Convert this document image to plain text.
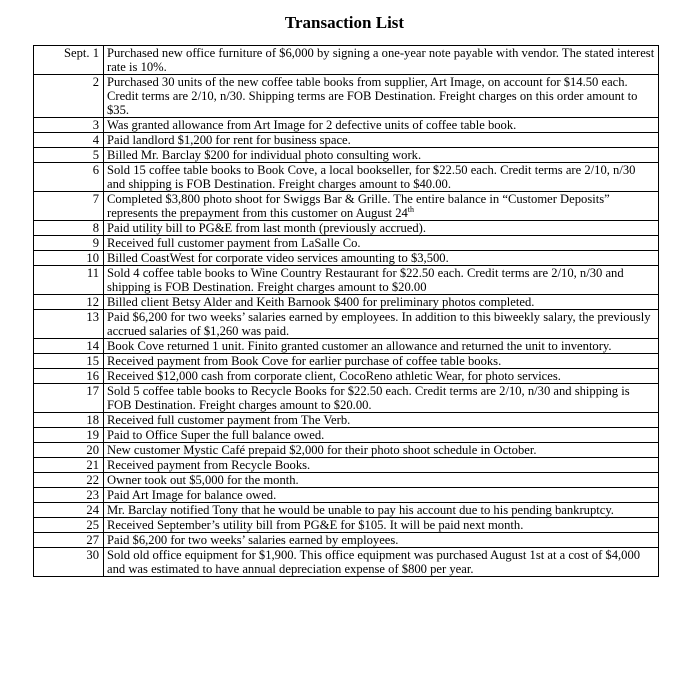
Transaction List
Sept. 1	Purchased new office furniture of $6,000 by signing a one-year note payable with vendor. The stated interest rate is 10%.
2	Purchased 30 units of the new coffee table books from supplier, Art Image, on account for $14.50 each. Credit terms are 2/10, n/30. Shipping terms are FOB Destination. Freight charges on this order amount to $35.
3	Was granted allowance from Art Image for 2 defective units of coffee table book.
4	Paid landlord $1,200 for rent for business space.
5	Billed Mr. Barclay $200 for individual photo consulting work.
6	Sold 15 coffee table books to Book Cove, a local bookseller, for $22.50 each. Credit terms are 2/10, n/30 and shipping is FOB Destination. Freight charges amount to $40.00.
7	Completed $3,800 photo shoot for Swiggs Bar & Grille. The entire balance in “Customer Deposits” represents the prepayment from this customer on August 24th
8	Paid utility bill to PG&E from last month (previously accrued).
9	Received full customer payment from LaSalle Co.
10	Billed CoastWest for corporate video services amounting to $3,500.
11	Sold 4 coffee table books to Wine Country Restaurant for $22.50 each. Credit terms are 2/10, n/30 and shipping is FOB Destination. Freight charges amount to $20.00
12	Billed client Betsy Alder and Keith Barnook $400 for preliminary photos completed.
13	Paid $6,200 for two weeks’ salaries earned by employees. In addition to this biweekly salary, the previously accrued salaries of $1,260 was paid.
14	Book Cove returned 1 unit. Finito granted customer an allowance and returned the unit to inventory.
15	Received payment from Book Cove for earlier purchase of coffee table books.
16	Received $12,000 cash from corporate client, CocoReno athletic Wear, for photo services.
17	Sold 5 coffee table books to Recycle Books for $22.50 each. Credit terms are 2/10, n/30 and shipping is FOB Destination. Freight charges amount to $20.00.
18	Received full customer payment from The Verb.
19	Paid to Office Super the full balance owed.
20	New customer Mystic Café prepaid $2,000 for their photo shoot schedule in October.
21	Received payment from Recycle Books.
22	Owner took out $5,000 for the month.
23	Paid Art Image for balance owed.
24	Mr. Barclay notified Tony that he would be unable to pay his account due to his pending bankruptcy.
25	Received September’s utility bill from PG&E for $105. It will be paid next month.
27	Paid $6,200 for two weeks’ salaries earned by employees.
30	Sold old office equipment for $1,900. This office equipment was purchased August 1st at a cost of $4,000 and was estimated to have annual depreciation expense of $800 per year.
